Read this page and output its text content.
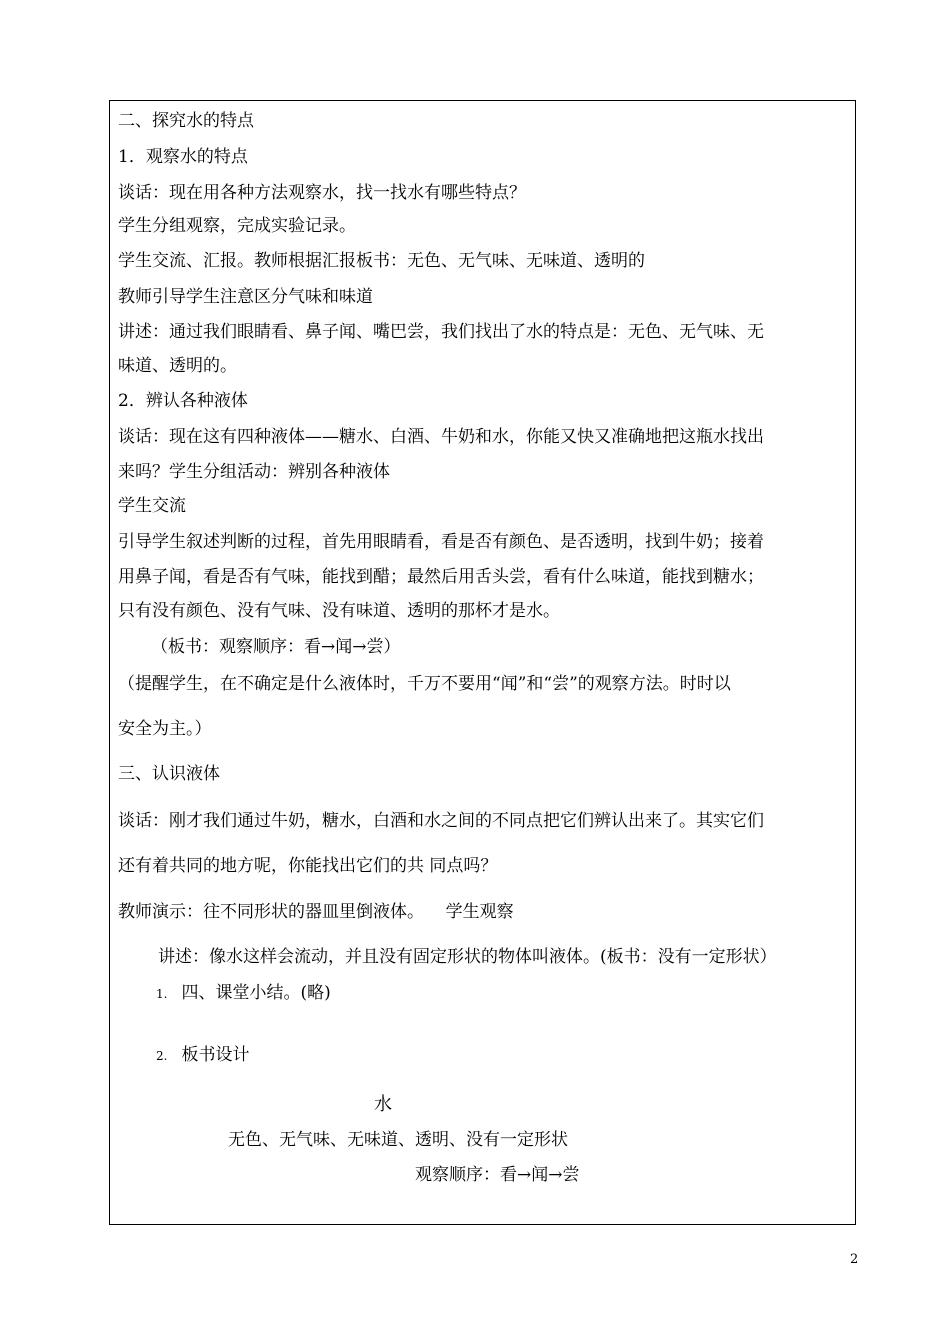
二、探究水的特点

1．观察水的特点

谈话：现在用各种方法观察水，找一找水有哪些特点？

学生分组观察，完成实验记录。

学生交流、汇报。教师根据汇报板书：无色、无气味、无味道、透明的

教师引导学生注意区分气味和味道

讲述：通过我们眼睛看、鼻子闻、嘴巴尝，我们找出了水的特点是：无色、无气味、无

味道、透明的。

2．辨认各种液体

谈话：现在这有四种液体——糖水、白酒、牛奶和水，你能又快又准确地把这瓶水找出

来吗？学生分组活动：辨别各种液体

学生交流

引导学生叙述判断的过程，首先用眼睛看，看是否有颜色、是否透明，找到牛奶；接着

用鼻子闻，看是否有气味，能找到醋；最然后用舌头尝，看有什么味道，能找到糖水；

只有没有颜色、没有气味、没有味道、透明的那杯才是水。

（板书：观察顺序：看→闻→尝）

（提醒学生，在不确定是什么液体时，千万不要用“闻”和“尝”的观察方法。时时以

安全为主。）

三、认识液体

谈话：刚才我们通过牛奶，糖水，白酒和水之间的不同点把它们辨认出来了。其实它们

还有着共同的地方呢，你能找出它们的共 同点吗？

教师演示：往不同形状的器皿里倒液体。    学生观察

讲述：像水这样会流动，并且没有固定形状的物体叫液体。(板书：没有一定形状）

1. 四、课堂小结。(略)

2. 板书设计

水

无色、无气味、无味道、透明、没有一定形状

观察顺序：看→闻→尝

2
